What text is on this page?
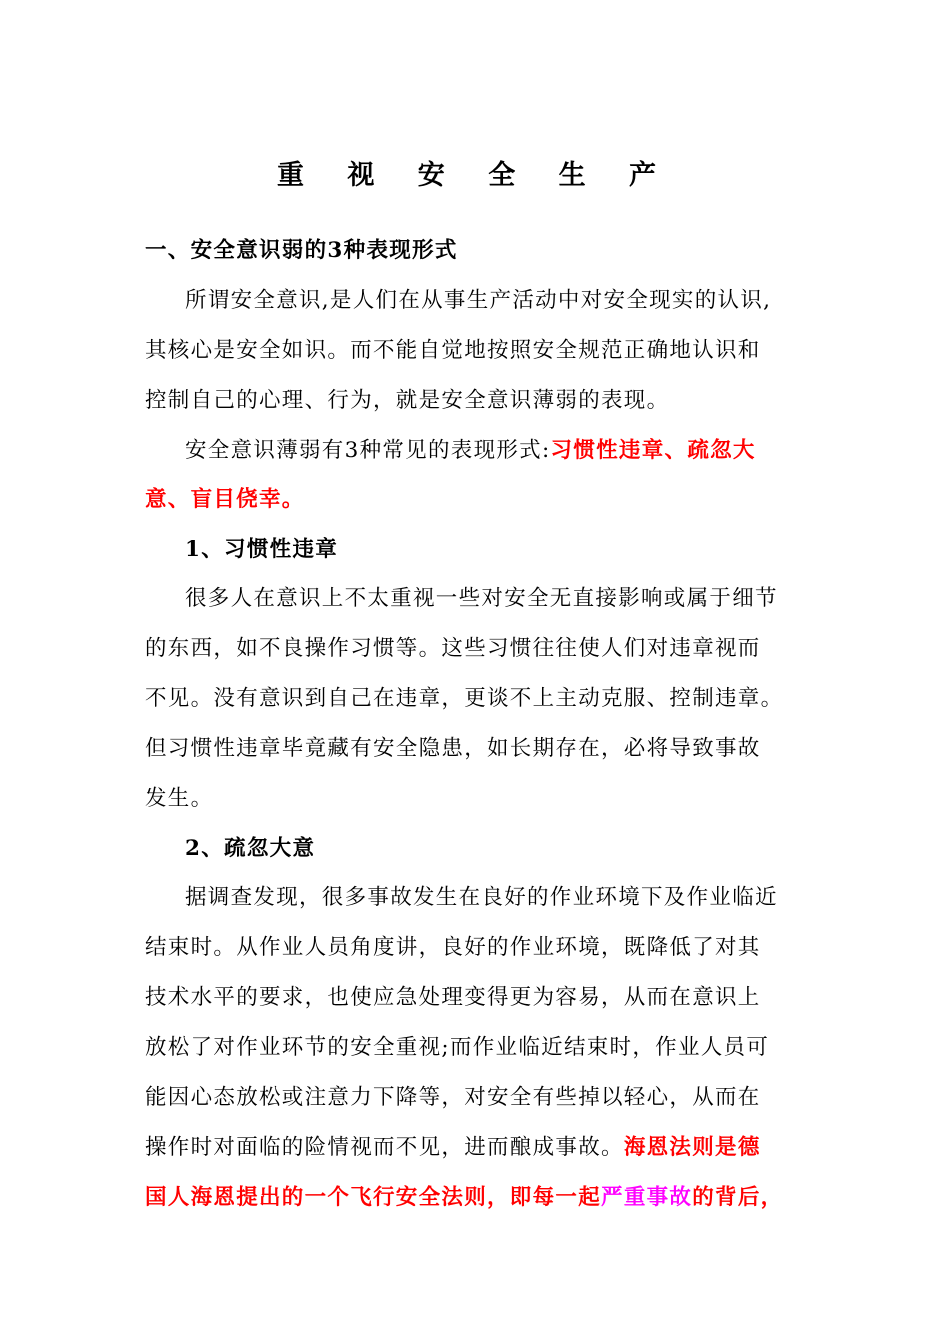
重 视 安 全 生 产
一、安全意识弱的3种表现形式
所谓安全意识,是人们在从事生产活动中对安全现实的认识,
其核心是安全如识。而不能自觉地按照安全规范正确地认识和
控制自己的心理、行为，就是安全意识薄弱的表现。
安全意识薄弱有3种常见的表现形式:习惯性违章、疏忽大
意、盲目侥幸。
1、习惯性违章
很多人在意识上不太重视一些对安全无直接影响或属于细节
的东西，如不良操作习惯等。这些习惯往往使人们对违章视而
不见。没有意识到自己在违章，更谈不上主动克服、控制违章。
但习惯性违章毕竟藏有安全隐患，如长期存在，必将导致事故
发生。
2、疏忽大意
据调查发现，很多事故发生在良好的作业环境下及作业临近
结束时。从作业人员角度讲，良好的作业环境，既降低了对其
技术水平的要求，也使应急处理变得更为容易，从而在意识上
放松了对作业环节的安全重视;而作业临近结束时，作业人员可
能因心态放松或注意力下降等，对安全有些掉以轻心，从而在
操作时对面临的险情视而不见，进而酿成事故。海恩法则是德
国人海恩提出的一个飞行安全法则，即每一起严重事故的背后，
